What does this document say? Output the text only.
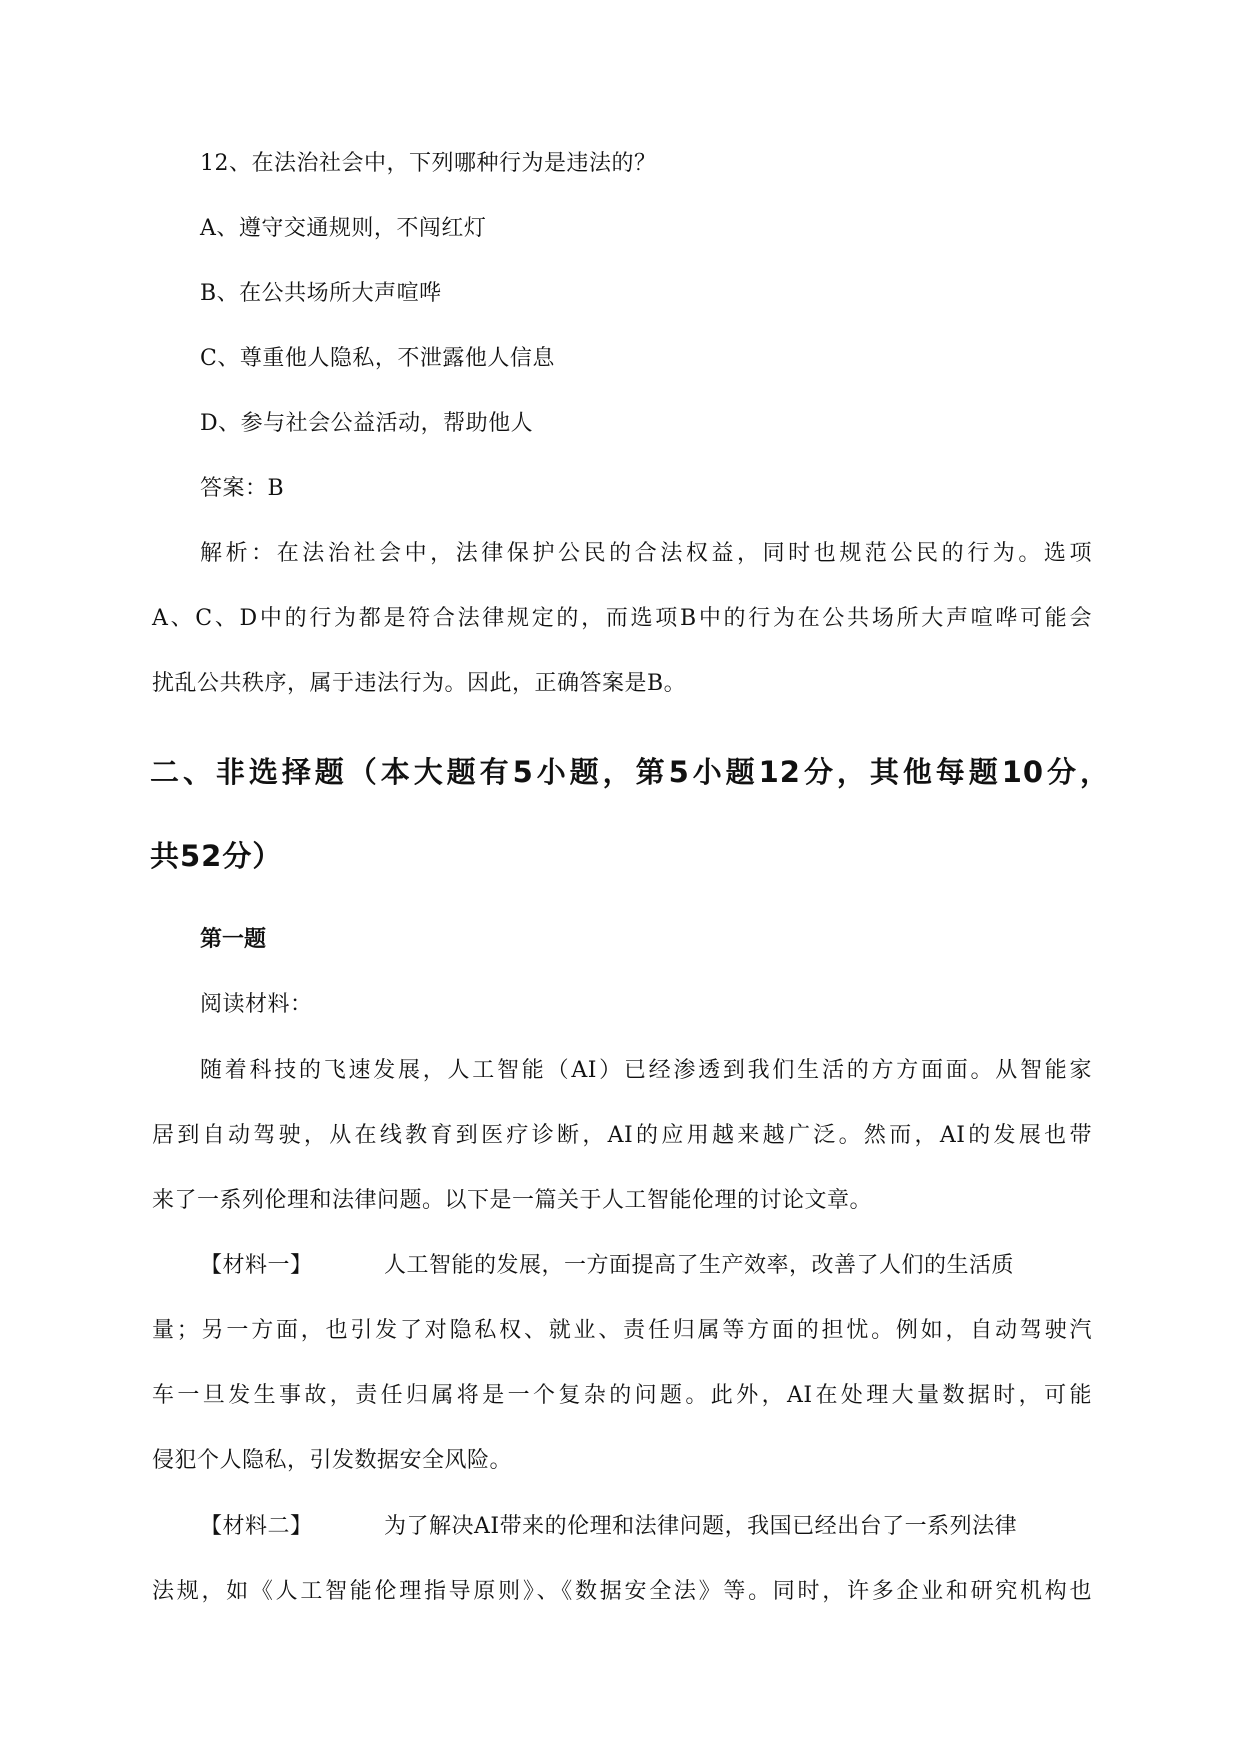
12、在法治社会中，下列哪种行为是违法的？
A、遵守交通规则，不闯红灯
B、在公共场所大声喧哗
C、尊重他人隐私，不泄露他人信息
D、参与社会公益活动，帮助他人
答案：B
解析：在法治社会中，法律保护公民的合法权益，同时也规范公民的行为。选项
A、C、D中的行为都是符合法律规定的，而选项B中的行为在公共场所大声喧哗可能会
扰乱公共秩序，属于违法行为。因此，正确答案是B。
二、非选择题（本大题有5小题，第5小题12分，其他每题10分，
共52分）
第一题
阅读材料：
随着科技的飞速发展，人工智能（AI）已经渗透到我们生活的方方面面。从智能家
居到自动驾驶，从在线教育到医疗诊断，AI的应用越来越广泛。然而，AI的发展也带
来了一系列伦理和法律问题。以下是一篇关于人工智能伦理的讨论文章。
【材料一】	人工智能的发展，一方面提高了生产效率，改善了人们的生活质
量；另一方面，也引发了对隐私权、就业、责任归属等方面的担忧。例如，自动驾驶汽
车一旦发生事故，责任归属将是一个复杂的问题。此外，AI在处理大量数据时，可能
侵犯个人隐私，引发数据安全风险。
【材料二】	为了解决AI带来的伦理和法律问题，我国已经出台了一系列法律
法规，如《人工智能伦理指导原则》、《数据安全法》等。同时，许多企业和研究机构也
